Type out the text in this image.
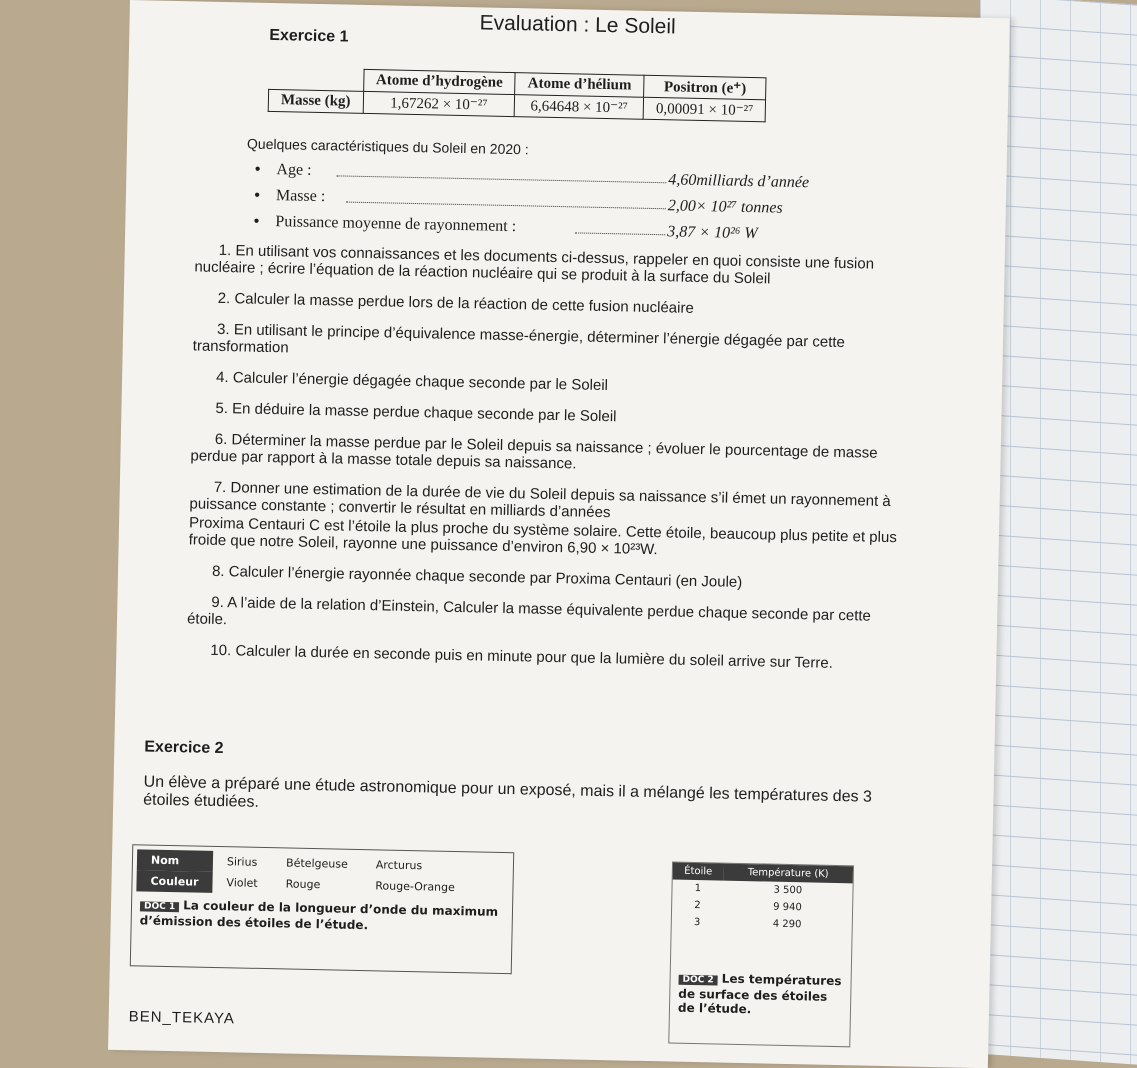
Evaluation : Le Soleil
Exercice 1
	Atome d’hydrogène	Atome d’hélium	Positron (e⁺)
Masse (kg)	1,67262 × 10⁻²⁷	6,64648 × 10⁻²⁷	0,00091 × 10⁻²⁷
Quelques caractéristiques du Soleil en 2020 :
• Age :
4,60milliards d’année
• Masse :
2,00× 10²⁷ tonnes
• Puissance moyenne de rayonnement :	3,87 × 10²⁶ W
1. En utilisant vos connaissances et les documents ci-dessus, rappeler en quoi consiste une fusion nucléaire ; écrire l’équation de la réaction nucléaire qui se produit à la surface du Soleil
2. Calculer la masse perdue lors de la réaction de cette fusion nucléaire
3. En utilisant le principe d’équivalence masse-énergie, déterminer l’énergie dégagée par cette transformation
4. Calculer l’énergie dégagée chaque seconde par le Soleil
5. En déduire la masse perdue chaque seconde par le Soleil
6. Déterminer la masse perdue par le Soleil depuis sa naissance ; évoluer le pourcentage de masse perdue par rapport à la masse totale depuis sa naissance.
7. Donner une estimation de la durée de vie du Soleil depuis sa naissance s’il émet un rayonnement à puissance constante ; convertir le résultat en milliards d’années
Proxima Centauri C est l’étoile la plus proche du système solaire. Cette étoile, beaucoup plus petite et plus froide que notre Soleil, rayonne une puissance d’environ 6,90 × 10²³W.
8. Calculer l’énergie rayonnée chaque seconde par Proxima Centauri (en Joule)
9. A l’aide de la relation d’Einstein, Calculer la masse équivalente perdue chaque seconde par cette étoile.
10. Calculer la durée en seconde puis en minute pour que la lumière du soleil arrive sur Terre.
Exercice 2
Un élève a préparé une étude astronomique pour un exposé, mais il a mélangé les températures des 3 étoiles étudiées.
Nom	Sirius	Bételgeuse	Arcturus
Couleur	Violet	Rouge	Rouge-Orange
DOC 1 La couleur de la longueur d’onde du maximum d’émission des étoiles de l’étude.
Étoile	Température (K)
1	3 500
2	9 940
3	4 290
DOC 2 Les températures de surface des étoiles de l’étude.
BEN_TEKAYA
